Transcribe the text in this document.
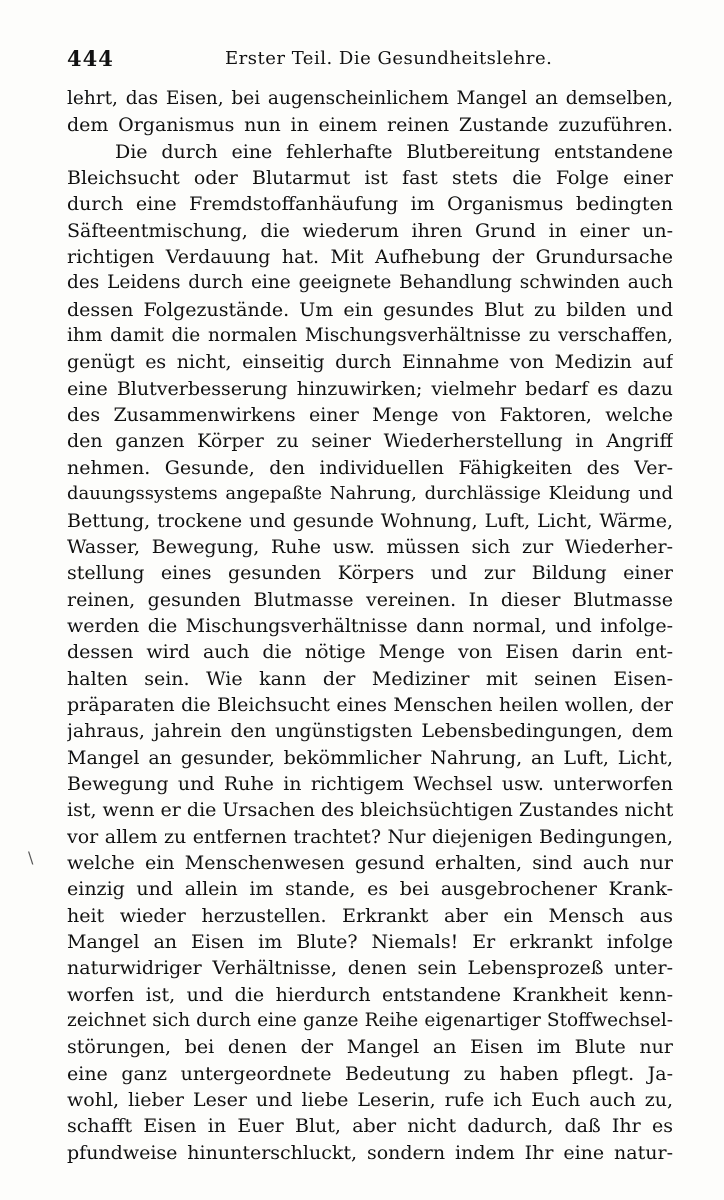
444	Erster Teil. Die Gesundheitslehre.
\
lehrt, das Eisen, bei augenscheinlichem Mangel an demselben,
dem Organismus nun in einem reinen Zustande zuzuführen.
Die durch eine fehlerhafte Blutbereitung entstandene
Bleichsucht oder Blutarmut ist fast stets die Folge einer
durch eine Fremdstoffanhäufung im Organismus bedingten
Säfteentmischung, die wiederum ihren Grund in einer un-
richtigen Verdauung hat. Mit Aufhebung der Grundursache
des Leidens durch eine geeignete Behandlung schwinden auch
dessen Folgezustände. Um ein gesundes Blut zu bilden und
ihm damit die normalen Mischungsverhältnisse zu verschaffen,
genügt es nicht, einseitig durch Einnahme von Medizin auf
eine Blutverbesserung hinzuwirken; vielmehr bedarf es dazu
des Zusammenwirkens einer Menge von Faktoren, welche
den ganzen Körper zu seiner Wiederherstellung in Angriff
nehmen. Gesunde, den individuellen Fähigkeiten des Ver-
dauungssystems angepaßte Nahrung, durchlässige Kleidung und
Bettung, trockene und gesunde Wohnung, Luft, Licht, Wärme,
Wasser, Bewegung, Ruhe usw. müssen sich zur Wiederher-
stellung eines gesunden Körpers und zur Bildung einer
reinen, gesunden Blutmasse vereinen. In dieser Blutmasse
werden die Mischungsverhältnisse dann normal, und infolge-
dessen wird auch die nötige Menge von Eisen darin ent-
halten sein. Wie kann der Mediziner mit seinen Eisen-
präparaten die Bleichsucht eines Menschen heilen wollen, der
jahraus, jahrein den ungünstigsten Lebensbedingungen, dem
Mangel an gesunder, bekömmlicher Nahrung, an Luft, Licht,
Bewegung und Ruhe in richtigem Wechsel usw. unterworfen
ist, wenn er die Ursachen des bleichsüchtigen Zustandes nicht
vor allem zu entfernen trachtet? Nur diejenigen Bedingungen,
welche ein Menschenwesen gesund erhalten, sind auch nur
einzig und allein im stande, es bei ausgebrochener Krank-
heit wieder herzustellen. Erkrankt aber ein Mensch aus
Mangel an Eisen im Blute? Niemals! Er erkrankt infolge
naturwidriger Verhältnisse, denen sein Lebensprozeß unter-
worfen ist, und die hierdurch entstandene Krankheit kenn-
zeichnet sich durch eine ganze Reihe eigenartiger Stoffwechsel-
störungen, bei denen der Mangel an Eisen im Blute nur
eine ganz untergeordnete Bedeutung zu haben pflegt. Ja-
wohl, lieber Leser und liebe Leserin, rufe ich Euch auch zu,
schafft Eisen in Euer Blut, aber nicht dadurch, daß Ihr es
pfundweise hinunterschluckt, sondern indem Ihr eine natur-
